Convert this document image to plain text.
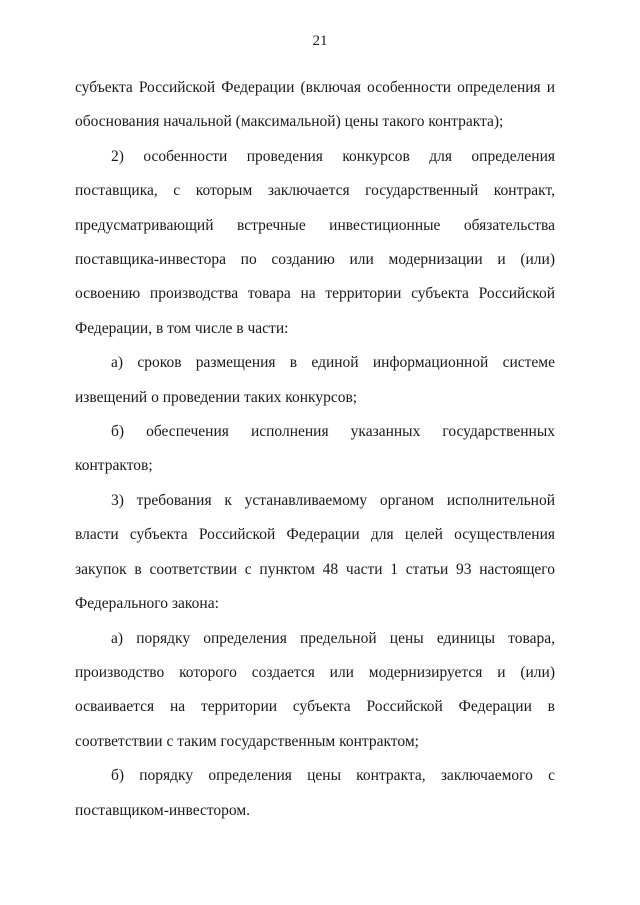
21

субъекта Российской Федерации (включая особенности определения и обоснования начальной (максимальной) цены такого контракта);

2) особенности проведения конкурсов для определения поставщика, с которым заключается государственный контракт, предусматривающий встречные инвестиционные обязательства поставщика-инвестора по созданию или модернизации и (или) освоению производства товара на территории субъекта Российской Федерации, в том числе в части:

а) сроков размещения в единой информационной системе извещений о проведении таких конкурсов;

б) обеспечения исполнения указанных государственных контрактов;

3) требования к устанавливаемому органом исполнительной власти субъекта Российской Федерации для целей осуществления закупок в соответствии с пунктом 48 части 1 статьи 93 настоящего Федерального закона:

а) порядку определения предельной цены единицы товара, производство которого создается или модернизируется и (или) осваивается на территории субъекта Российской Федерации в соответствии с таким государственным контрактом;

б) порядку определения цены контракта, заключаемого с поставщиком-инвестором.
